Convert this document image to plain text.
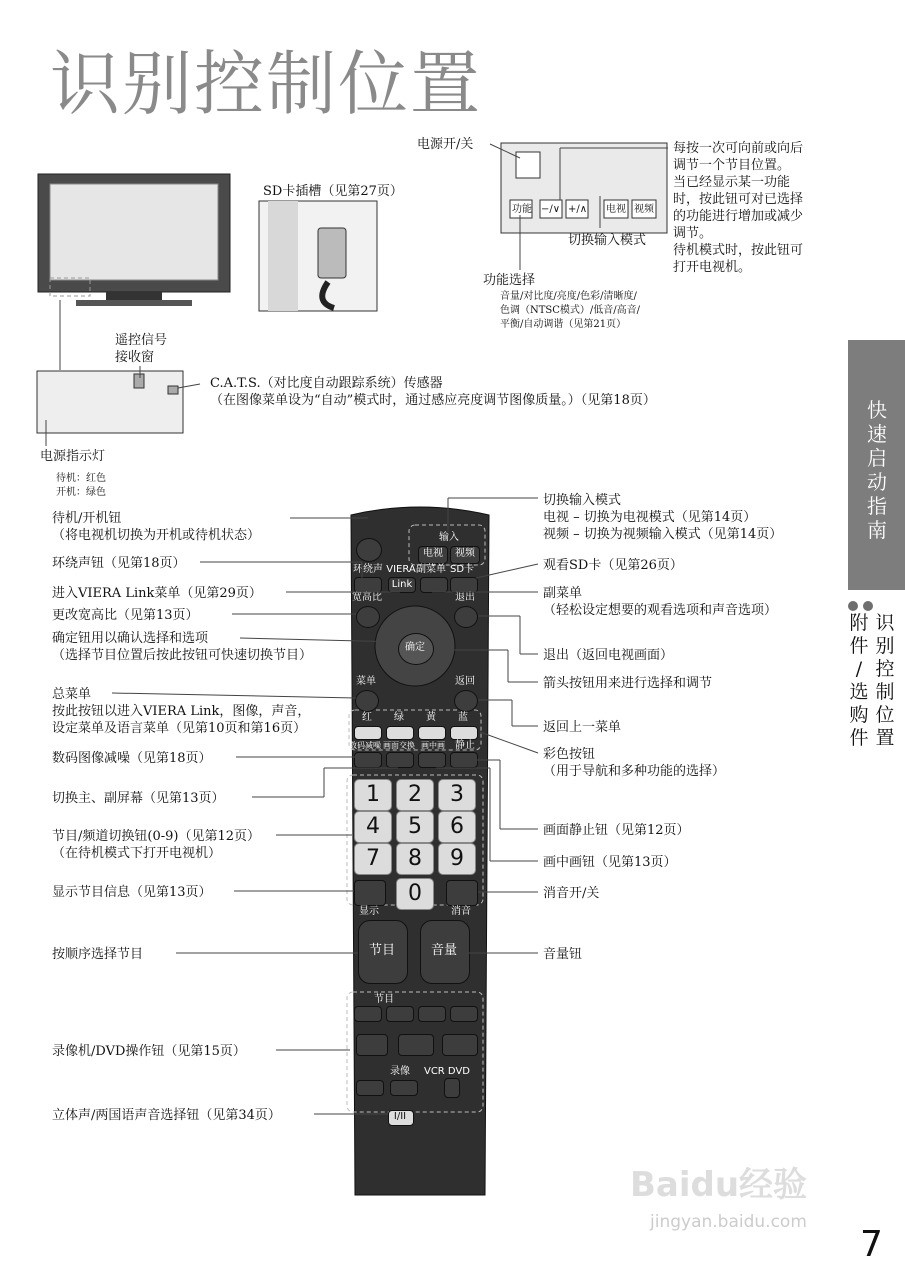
识别控制位置
快
速
启
动
指
南

附
件
/
选
购
件
识
别
控
制
位
置
SD卡插槽（见第27页）
功能 −/∨ +/∧ 电视 视频
电源开/关	每按一次可向前或向后
调节一个节目位置。
当已经显示某一功能
时，按此钮可对已选择
的功能进行增加或减少
调节。
待机模式时，按此钮可
打开电视机。
切换输入模式
功能选择
音量/对比度/亮度/色彩/清晰度/
色调（NTSC模式）/低音/高音/
平衡/自动调谐（见第21页）
遥控信号
接收窗
C.A.T.S.（对比度自动跟踪系统）传感器
（在图像菜单设为“自动”模式时，通过感应亮度调节图像质量。）（见第18页）
电源指示灯
待机：红色
开机：绿色
输入
电视	视频
环绕声 VIERA 副菜单 SD卡
Link
宽高比	退出
确定
菜单	返回
红	绿	黄	蓝
数码减噪 画面交换 画中画	静止
1	2	3
4	5	6
7	8	9
0
显示	消音
节目	音量
节目
录像	VCR DVD
I/II
待机/开机钮
（将电视机切换为开机或待机状态）
环绕声钮（见第18页）
进入VIERA Link菜单（见第29页）
更改宽高比（见第13页）
确定钮用以确认选择和选项
（选择节目位置后按此按钮可快速切换节目）
总菜单
按此按钮以进入VIERA Link，图像，声音，
设定菜单及语言菜单（见第10页和第16页）
数码图像减噪（见第18页）
切换主、副屏幕（见第13页）
节目/频道切换钮(0-9)（见第12页）
（在待机模式下打开电视机）
显示节目信息（见第13页）
按顺序选择节目
录像机/DVD操作钮（见第15页）
立体声/两国语声音选择钮（见第34页）
切换输入模式
电视 – 切换为电视模式（见第14页）
视频 – 切换为视频输入模式（见第14页）
观看SD卡（见第26页）
副菜单
（轻松设定想要的观看选项和声音选项）
退出（返回电视画面）
箭头按钮用来进行选择和调节
返回上一菜单
彩色按钮
（用于导航和多种功能的选择）
画面静止钮（见第12页）
画中画钮（见第13页）
消音开/关
音量钮
Baidu经验
jingyan.baidu.com
7
